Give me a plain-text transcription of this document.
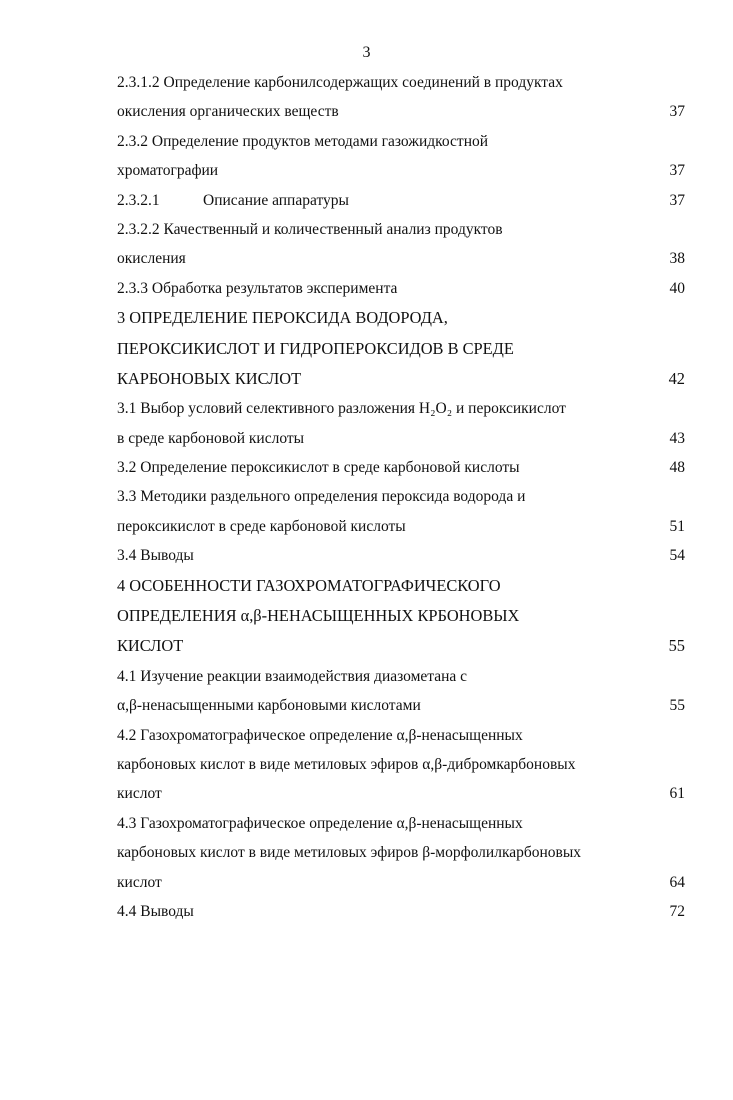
3
2.3.1.2 Определение карбонилсодержащих соединений в продуктах
окисления органических веществ	37
2.3.2 Определение продуктов методами газожидкостной
хроматографии	37
2.3.2.1	Описание аппаратуры	37
2.3.2.2 Качественный и количественный анализ продуктов
окисления	38
2.3.3 Обработка результатов эксперимента	40
3 ОПРЕДЕЛЕНИЕ ПЕРОКСИДА ВОДОРОДА,
ПЕРОКСИКИСЛОТ И ГИДРОПЕРОКСИДОВ В СРЕДЕ
КАРБОНОВЫХ КИСЛОТ	42
3.1 Выбор условий селективного разложения H₂O₂ и пероксикислот
в среде карбоновой кислоты	43
3.2 Определение пероксикислот в среде карбоновой кислоты	48
3.3 Методики раздельного определения пероксида водорода и
пероксикислот в среде карбоновой кислоты	51
3.4 Выводы	54
4 ОСОБЕННОСТИ ГАЗОХРОМАТОГРАФИЧЕСКОГО
ОПРЕДЕЛЕНИЯ α,β-НЕНАСЫЩЕННЫХ КРБОНОВЫХ
КИСЛОТ	55
4.1 Изучение реакции взаимодействия диазометана с
α,β-ненасыщенными карбоновыми кислотами	55
4.2 Газохроматографическое определение α,β-ненасыщенных
карбоновых кислот в виде метиловых эфиров α,β-дибромкарбоновых
кислот	61
4.3 Газохроматографическое определение α,β-ненасыщенных
карбоновых кислот в виде метиловых эфиров β-морфолилкарбоновых
кислот	64
4.4 Выводы	72
